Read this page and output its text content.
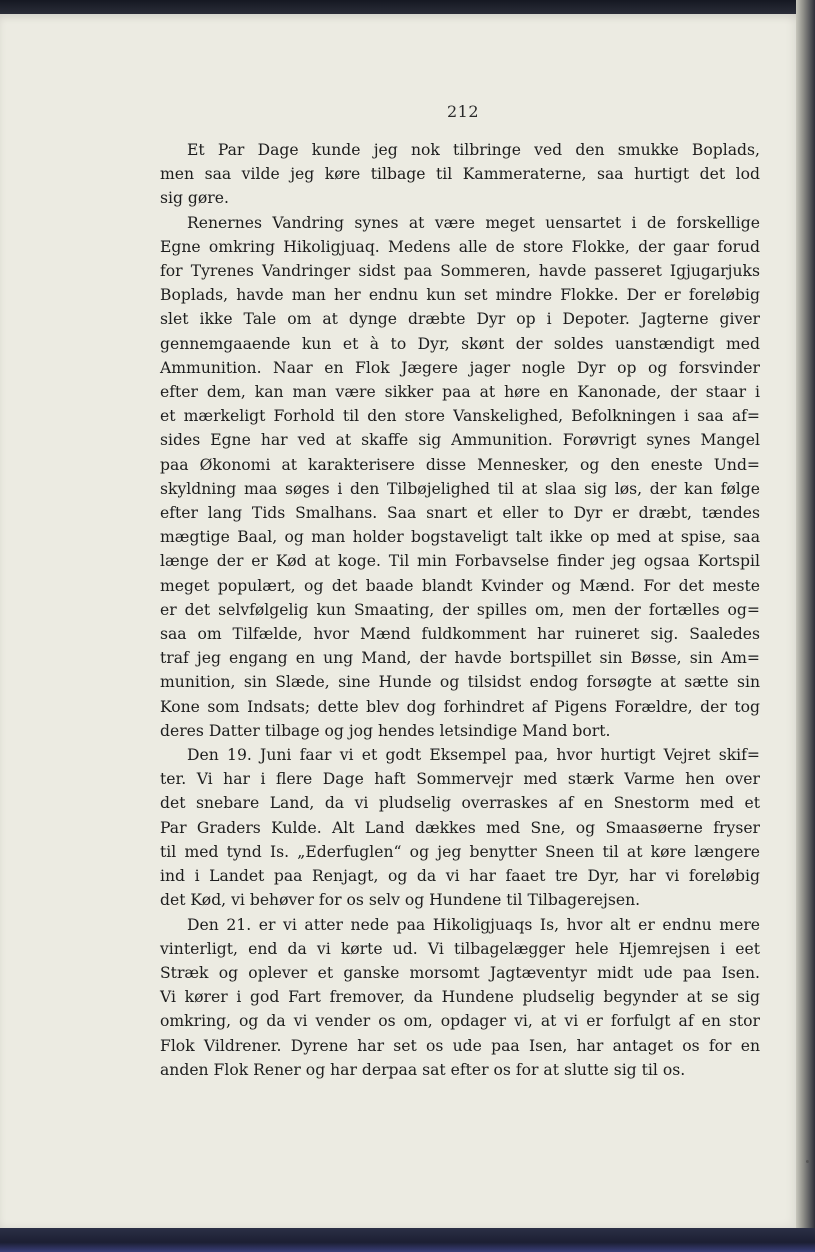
212

Et Par Dage kunde jeg nok tilbringe ved den smukke Boplads,

men saa vilde jeg køre tilbage til Kammeraterne, saa hurtigt det lod

sig gøre.

Renernes Vandring synes at være meget uensartet i de forskellige

Egne omkring Hikoligjuaq. Medens alle de store Flokke, der gaar forud

for Tyrenes Vandringer sidst paa Sommeren, havde passeret Igjugarjuks

Boplads, havde man her endnu kun set mindre Flokke. Der er foreløbig

slet ikke Tale om at dynge dræbte Dyr op i Depoter. Jagterne giver

gennemgaaende kun et à to Dyr, skønt der soldes uanstændigt med

Ammunition. Naar en Flok Jægere jager nogle Dyr op og forsvinder

efter dem, kan man være sikker paa at høre en Kanonade, der staar i

et mærkeligt Forhold til den store Vanskelighed, Befolkningen i saa af=

sides Egne har ved at skaffe sig Ammunition. Forøvrigt synes Mangel

paa Økonomi at karakterisere disse Mennesker, og den eneste Und=

skyldning maa søges i den Tilbøjelighed til at slaa sig løs, der kan følge

efter lang Tids Smalhans. Saa snart et eller to Dyr er dræbt, tændes

mægtige Baal, og man holder bogstaveligt talt ikke op med at spise, saa

længe der er Kød at koge. Til min Forbavselse finder jeg ogsaa Kortspil

meget populært, og det baade blandt Kvinder og Mænd. For det meste

er det selvfølgelig kun Smaating, der spilles om, men der fortælles og=

saa om Tilfælde, hvor Mænd fuldkomment har ruineret sig. Saaledes

traf jeg engang en ung Mand, der havde bortspillet sin Bøsse, sin Am=

munition, sin Slæde, sine Hunde og tilsidst endog forsøgte at sætte sin

Kone som Indsats; dette blev dog forhindret af Pigens Forældre, der tog

deres Datter tilbage og jog hendes letsindige Mand bort.

Den 19. Juni faar vi et godt Eksempel paa, hvor hurtigt Vejret skif=

ter. Vi har i flere Dage haft Sommervejr med stærk Varme hen over

det snebare Land, da vi pludselig overraskes af en Snestorm med et

Par Graders Kulde. Alt Land dækkes med Sne, og Smaasøerne fryser

til med tynd Is. „Ederfuglen“ og jeg benytter Sneen til at køre længere

ind i Landet paa Renjagt, og da vi har faaet tre Dyr, har vi foreløbig

det Kød, vi behøver for os selv og Hundene til Tilbagerejsen.

Den 21. er vi atter nede paa Hikoligjuaqs Is, hvor alt er endnu mere

vinterligt, end da vi kørte ud. Vi tilbagelægger hele Hjemrejsen i eet

Stræk og oplever et ganske morsomt Jagtæventyr midt ude paa Isen.

Vi kører i god Fart fremover, da Hundene pludselig begynder at se sig

omkring, og da vi vender os om, opdager vi, at vi er forfulgt af en stor

Flok Vildrener. Dyrene har set os ude paa Isen, har antaget os for en

anden Flok Rener og har derpaa sat efter os for at slutte sig til os.
